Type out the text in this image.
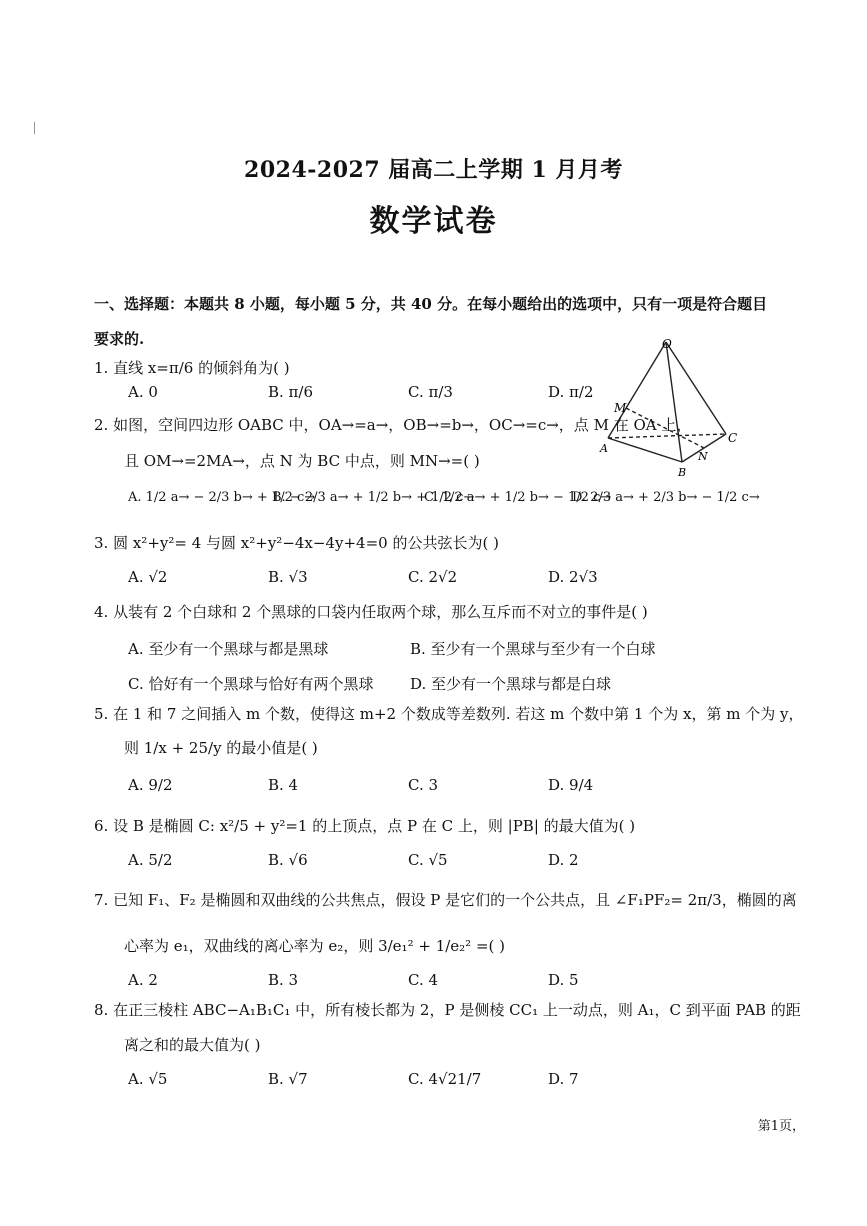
2024-2027 届高二上学期 1 月月考
数学试卷
一、选择题：本题共 8 小题，每小题 5 分，共 40 分。在每小题给出的选项中，只有一项是符合题目
要求的.
1. 直线 x=π/6 的倾斜角为( )
A. 0	B. π/6	C. π/3	D. π/2
2. 如图，空间四边形 OABC 中，OA→=a→，OB→=b→，OC→=c→，点 M 在 OA 上，
且 OM→=2MA→，点 N 为 BC 中点，则 MN→=( )
A. 1/2 a→ − 2/3 b→ + 1/2 c→
B. − 2/3 a→ + 1/2 b→ + 1/2 c→
C. 1/2 a→ + 1/2 b→ − 1/2 c→
D. 2/3 a→ + 2/3 b→ − 1/2 c→
O
M
A
B
N
C
3. 圆 x²+y²= 4 与圆 x²+y²−4x−4y+4=0 的公共弦长为( )
A. √2	B. √3	C. 2√2	D. 2√3
4. 从装有 2 个白球和 2 个黑球的口袋内任取两个球，那么互斥而不对立的事件是( )
A. 至少有一个黑球与都是黑球	B. 至少有一个黑球与至少有一个白球
C. 恰好有一个黑球与恰好有两个黑球 D. 至少有一个黑球与都是白球
5. 在 1 和 7 之间插入 m 个数，使得这 m+2 个数成等差数列. 若这 m 个数中第 1 个为 x，第 m 个为 y，
则 1/x + 25/y 的最小值是( )
A. 9/2	B. 4	C. 3	D. 9/4
6. 设 B 是椭圆 C: x²/5 + y²=1 的上顶点，点 P 在 C 上，则 |PB| 的最大值为( )
A. 5/2	B. √6	C. √5	D. 2
7. 已知 F₁、F₂ 是椭圆和双曲线的公共焦点，假设 P 是它们的一个公共点，且 ∠F₁PF₂= 2π/3，椭圆的离
心率为 e₁，双曲线的离心率为 e₂，则 3/e₁² + 1/e₂² =( )
A. 2	B. 3	C. 4	D. 5
8. 在正三棱柱 ABC−A₁B₁C₁ 中，所有棱长都为 2，P 是侧棱 CC₁ 上一动点，则 A₁，C 到平面 PAB 的距
离之和的最大值为( )
A. √5	B. √7	C. 4√21/7	D. 7
第1页，
